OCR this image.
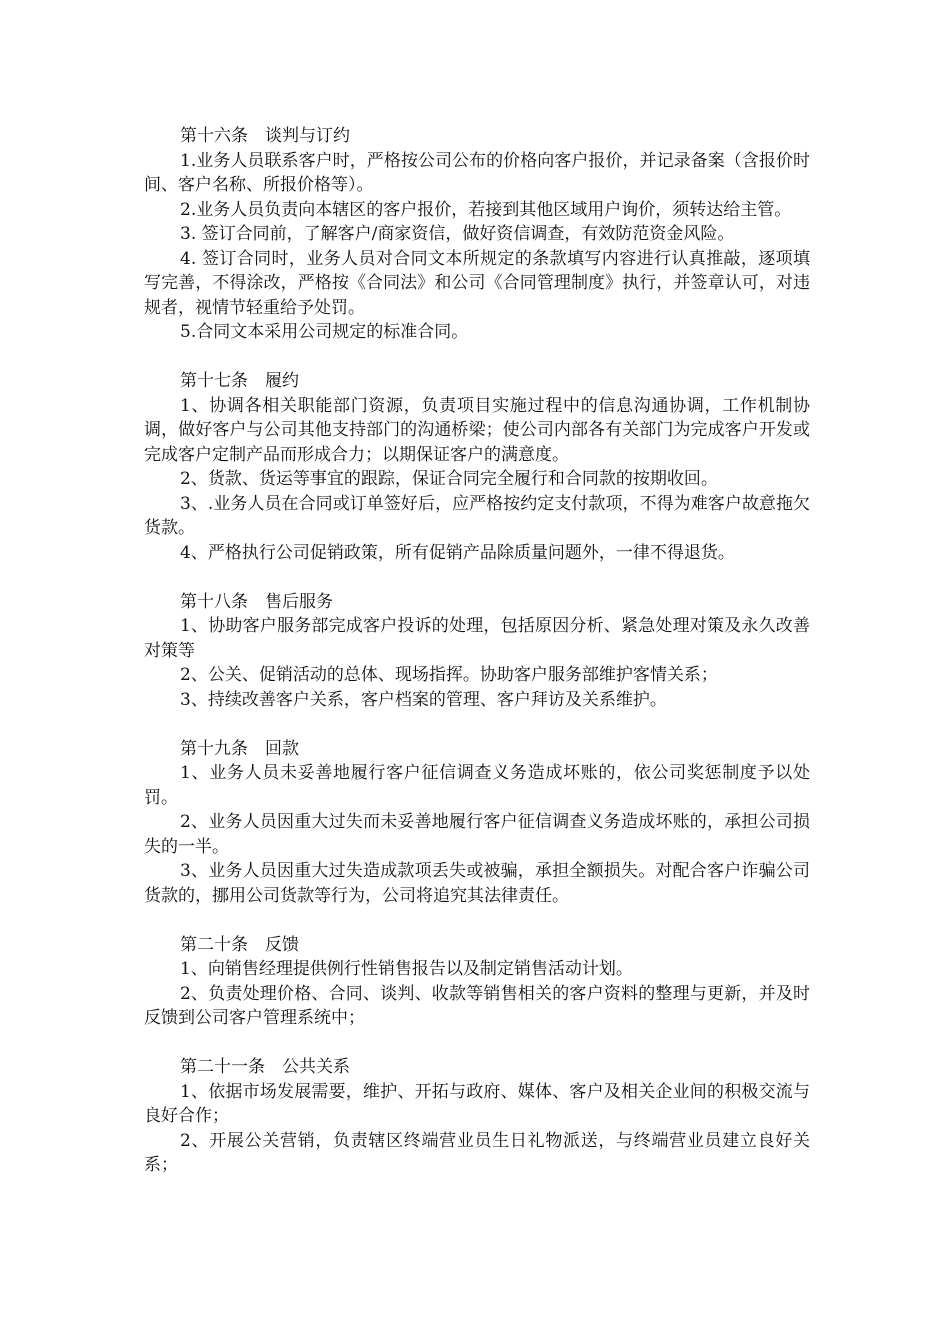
第十六条　谈判与订约

1.业务人员联系客户时，严格按公司公布的价格向客户报价，并记录备案（含报价时间、客户名称、所报价格等）。

2.业务人员负责向本辖区的客户报价，若接到其他区域用户询价，须转达给主管。

3. 签订合同前，了解客户/商家资信，做好资信调查，有效防范资金风险。

4. 签订合同时，业务人员对合同文本所规定的条款填写内容进行认真推敲，逐项填写完善，不得涂改，严格按《合同法》和公司《合同管理制度》执行，并签章认可，对违规者，视情节轻重给予处罚。

5.合同文本采用公司规定的标准合同。

第十七条　履约

1、协调各相关职能部门资源，负责项目实施过程中的信息沟通协调，工作机制协调，做好客户与公司其他支持部门的沟通桥梁；使公司内部各有关部门为完成客户开发或完成客户定制产品而形成合力；以期保证客户的满意度。

2、货款、货运等事宜的跟踪，保证合同完全履行和合同款的按期收回。

3、.业务人员在合同或订单签好后，应严格按约定支付款项，不得为难客户故意拖欠货款。

4、严格执行公司促销政策，所有促销产品除质量问题外，一律不得退货。

第十八条　售后服务

1、协助客户服务部完成客户投诉的处理，包括原因分析、紧急处理对策及永久改善对策等

2、公关、促销活动的总体、现场指挥。协助客户服务部维护客情关系；

3、持续改善客户关系，客户档案的管理、客户拜访及关系维护。

第十九条　回款

1、业务人员未妥善地履行客户征信调查义务造成坏账的，依公司奖惩制度予以处罚。

2、业务人员因重大过失而未妥善地履行客户征信调查义务造成坏账的，承担公司损失的一半。

3、业务人员因重大过失造成款项丢失或被骗，承担全额损失。对配合客户诈骗公司货款的，挪用公司货款等行为，公司将追究其法律责任。

第二十条　反馈

1、向销售经理提供例行性销售报告以及制定销售活动计划。

2、负责处理价格、合同、谈判、收款等销售相关的客户资料的整理与更新，并及时反馈到公司客户管理系统中；

第二十一条　公共关系

1、依据市场发展需要，维护、开拓与政府、媒体、客户及相关企业间的积极交流与良好合作；

2、开展公关营销，负责辖区终端营业员生日礼物派送，与终端营业员建立良好关系；
